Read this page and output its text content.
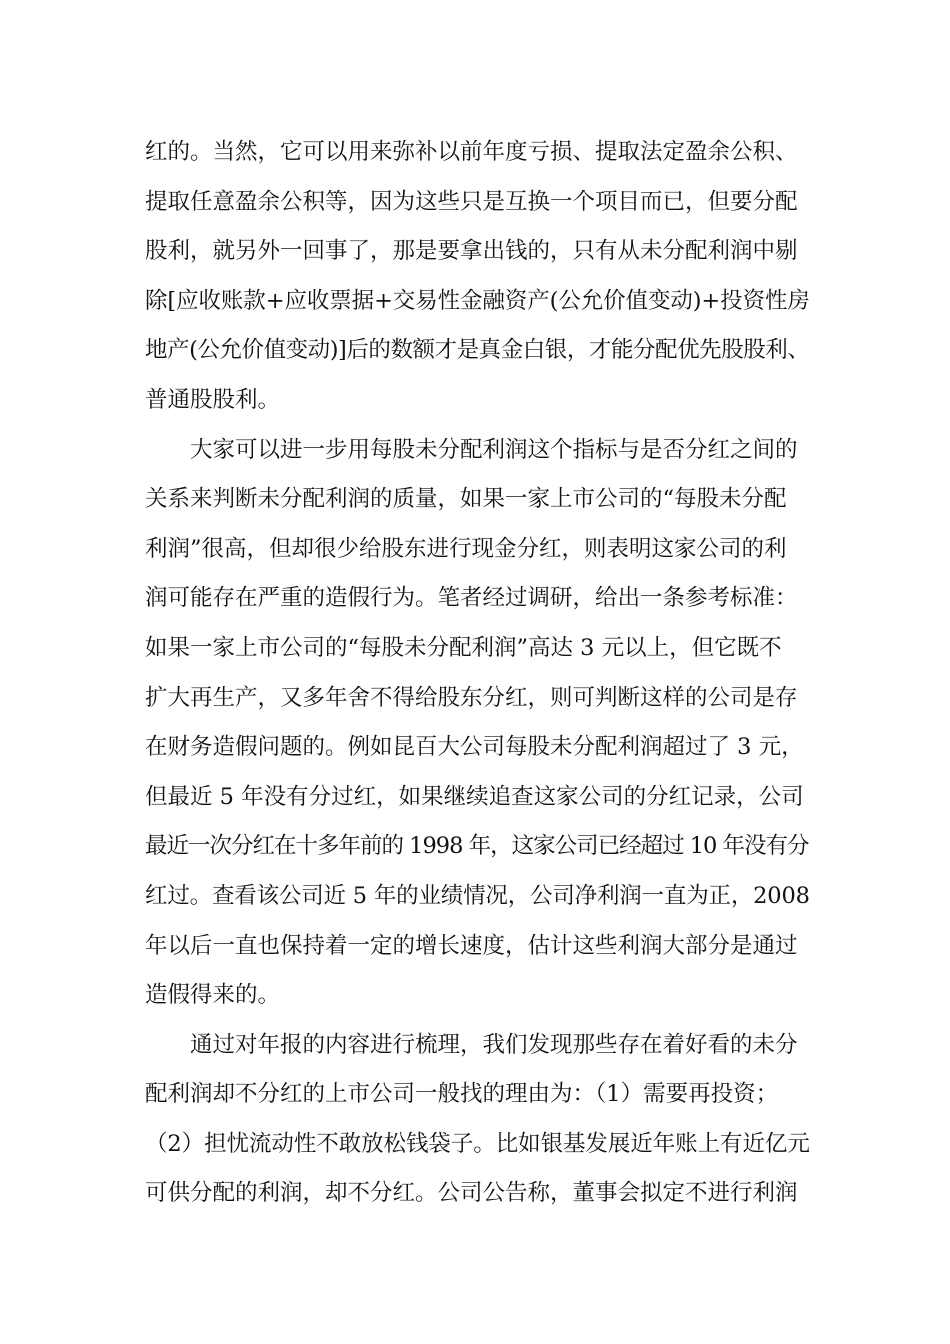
红的。当然，它可以用来弥补以前年度亏损、提取法定盈余公积、
提取任意盈余公积等，因为这些只是互换一个项目而已，但要分配
股利，就另外一回事了，那是要拿出钱的，只有从未分配利润中剔
除[应收账款+应收票据+交易性金融资产(公允价值变动)+投资性房
地产(公允价值变动)]后的数额才是真金白银，才能分配优先股股利、
普通股股利。
大家可以进一步用每股未分配利润这个指标与是否分红之间的
关系来判断未分配利润的质量，如果一家上市公司的“每股未分配
利润”很高，但却很少给股东进行现金分红，则表明这家公司的利
润可能存在严重的造假行为。笔者经过调研，给出一条参考标准：
如果一家上市公司的“每股未分配利润”高达 3 元以上，但它既不
扩大再生产，又多年舍不得给股东分红，则可判断这样的公司是存
在财务造假问题的。例如昆百大公司每股未分配利润超过了 3 元，
但最近 5 年没有分过红，如果继续追查这家公司的分红记录，公司
最近一次分红在十多年前的 1998 年，这家公司已经超过 10 年没有分
红过。查看该公司近 5 年的业绩情况，公司净利润一直为正，2008
年以后一直也保持着一定的增长速度，估计这些利润大部分是通过
造假得来的。
通过对年报的内容进行梳理，我们发现那些存在着好看的未分
配利润却不分红的上市公司一般找的理由为：（1）需要再投资；
（2）担忧流动性不敢放松钱袋子。比如银基发展近年账上有近亿元
可供分配的利润，却不分红。公司公告称，董事会拟定不进行利润
